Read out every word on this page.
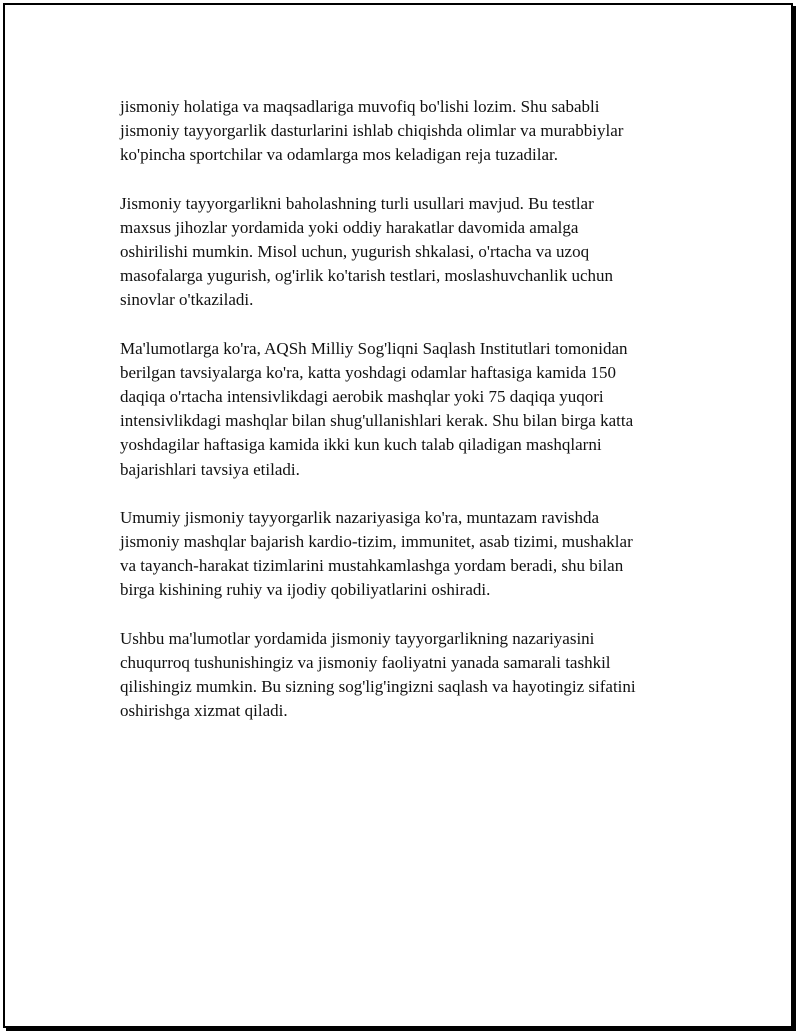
jismoniy holatiga va maqsadlariga muvofiq bo'lishi lozim. Shu sababli
jismoniy tayyorgarlik dasturlarini ishlab chiqishda olimlar va murabbiylar
ko'pincha sportchilar va odamlarga mos keladigan reja tuzadilar.

Jismoniy tayyorgarlikni baholashning turli usullari mavjud. Bu testlar
maxsus jihozlar yordamida yoki oddiy harakatlar davomida amalga
oshirilishi mumkin. Misol uchun, yugurish shkalasi, o'rtacha va uzoq
masofalarga yugurish, og'irlik ko'tarish testlari, moslashuvchanlik uchun
sinovlar o'tkaziladi.

Ma'lumotlarga ko'ra, AQSh Milliy Sog'liqni Saqlash Institutlari tomonidan
berilgan tavsiyalarga ko'ra, katta yoshdagi odamlar haftasiga kamida 150
daqiqa o'rtacha intensivlikdagi aerobik mashqlar yoki 75 daqiqa yuqori
intensivlikdagi mashqlar bilan shug'ullanishlari kerak. Shu bilan birga katta
yoshdagilar haftasiga kamida ikki kun kuch talab qiladigan mashqlarni
bajarishlari tavsiya etiladi.

Umumiy jismoniy tayyorgarlik nazariyasiga ko'ra, muntazam ravishda
jismoniy mashqlar bajarish kardio-tizim, immunitet, asab tizimi, mushaklar
va tayanch-harakat tizimlarini mustahkamlashga yordam beradi, shu bilan
birga kishining ruhiy va ijodiy qobiliyatlarini oshiradi.

Ushbu ma'lumotlar yordamida jismoniy tayyorgarlikning nazariyasini
chuqurroq tushunishingiz va jismoniy faoliyatni yanada samarali tashkil
qilishingiz mumkin. Bu sizning sog'lig'ingizni saqlash va hayotingiz sifatini
oshirishga xizmat qiladi.
